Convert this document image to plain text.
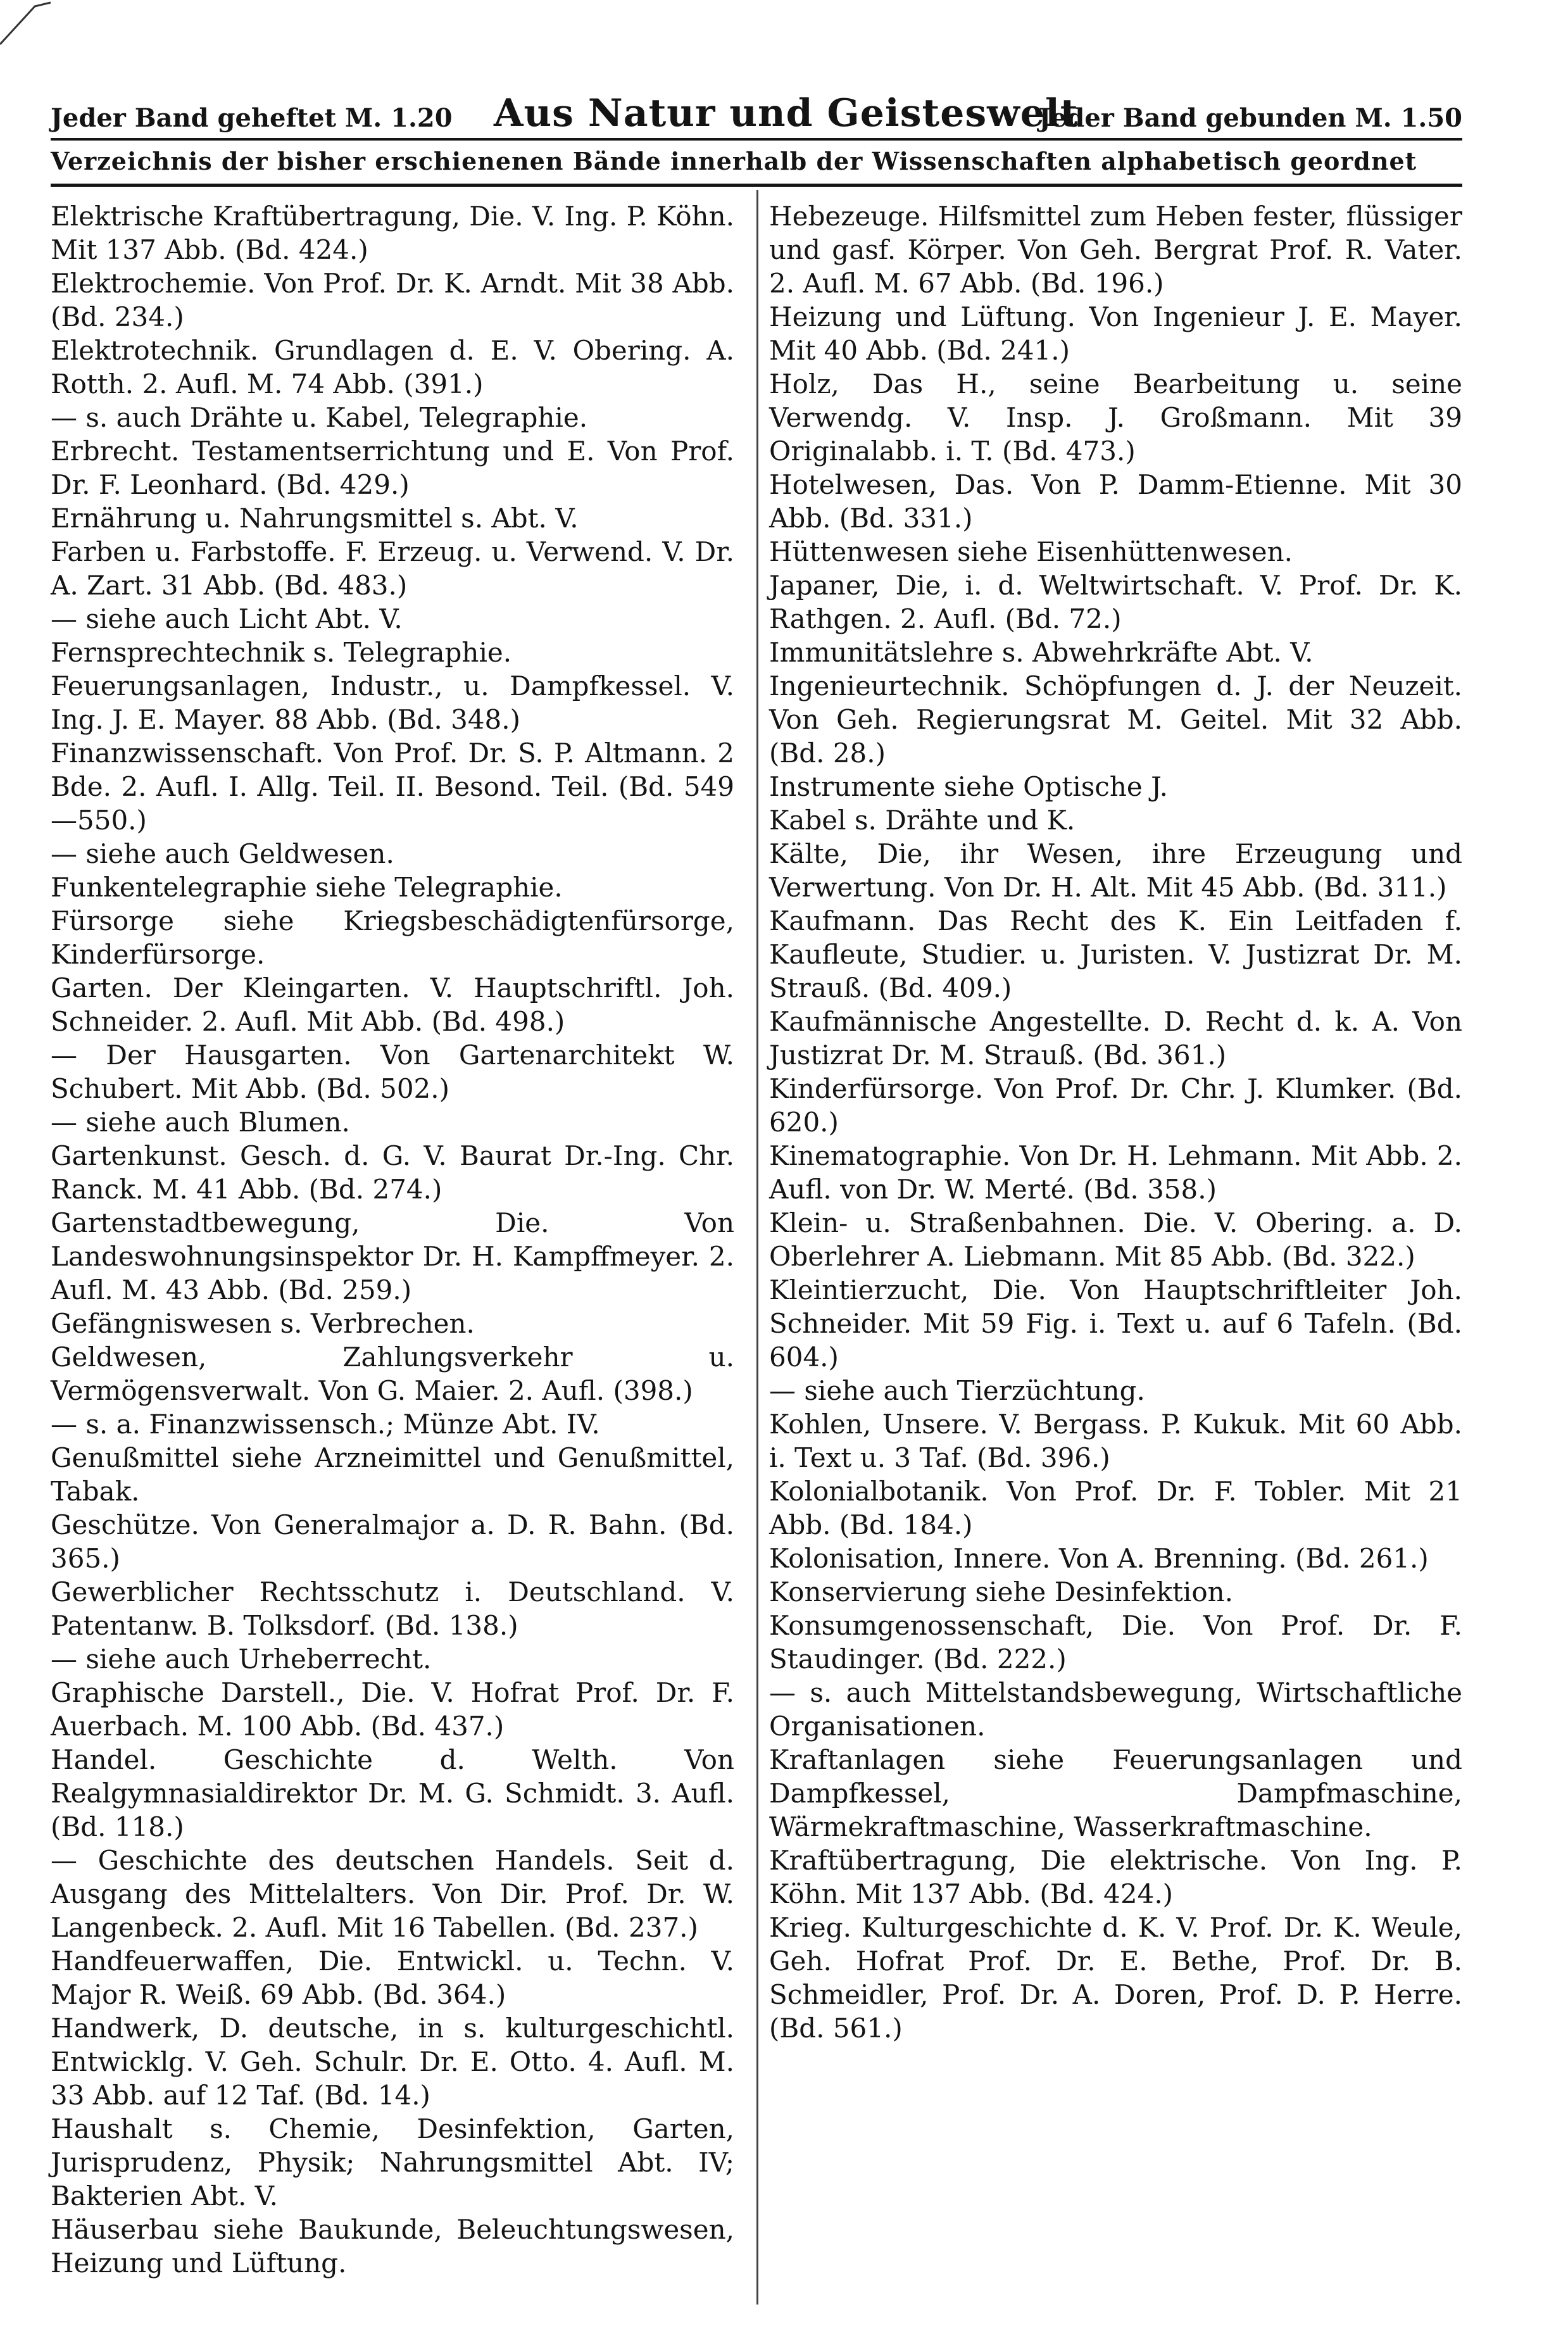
Jeder Band geheftet M. 1.20 Aus Natur und Geisteswelt
Jeder Band gebunden M. 1.50
Verzeichnis der bisher erschienenen Bände innerhalb der Wissenschaften alphabetisch geordnet

Elektrische Kraftübertragung, Die. V. Ing. P. Köhn. Mit 137 Abb. (Bd. 424.)

Elektrochemie. Von Prof. Dr. K. Arndt. Mit 38 Abb. (Bd. 234.)

Elektrotechnik. Grundlagen d. E. V. Obering. A. Rotth. 2. Aufl. M. 74 Abb. (391.)

— s. auch Drähte u. Kabel, Telegraphie.

Erbrecht. Testamentserrichtung und E. Von Prof. Dr. F. Leonhard. (Bd. 429.)

Ernährung u. Nahrungsmittel s. Abt. V.

Farben u. Farbstoffe. F. Erzeug. u. Verwend. V. Dr. A. Zart. 31 Abb. (Bd. 483.)

— siehe auch Licht Abt. V.

Fernsprechtechnik s. Telegraphie.

Feuerungsanlagen, Industr., u. Dampfkessel. V. Ing. J. E. Mayer. 88 Abb. (Bd. 348.)

Finanzwissenschaft. Von Prof. Dr. S. P. Altmann. 2 Bde. 2. Aufl. I. Allg. Teil. II. Besond. Teil. (Bd. 549—550.)

— siehe auch Geldwesen.

Funkentelegraphie siehe Telegraphie.

Fürsorge siehe Kriegsbeschädigtenfürsorge, Kinderfürsorge.

Garten. Der Kleingarten. V. Hauptschriftl. Joh. Schneider. 2. Aufl. Mit Abb. (Bd. 498.)

— Der Hausgarten. Von Gartenarchitekt W. Schubert. Mit Abb. (Bd. 502.)

— siehe auch Blumen.

Gartenkunst. Gesch. d. G. V. Baurat Dr.-Ing. Chr. Ranck. M. 41 Abb. (Bd. 274.)

Gartenstadtbewegung, Die. Von Landeswohnungsinspektor Dr. H. Kampffmeyer. 2. Aufl. M. 43 Abb. (Bd. 259.)

Gefängniswesen s. Verbrechen.

Geldwesen, Zahlungsverkehr u. Vermögensverwalt. Von G. Maier. 2. Aufl. (398.)

— s. a. Finanzwissensch.; Münze Abt. IV.

Genußmittel siehe Arzneimittel und Genußmittel, Tabak.

Geschütze. Von Generalmajor a. D. R. Bahn. (Bd. 365.)

Gewerblicher Rechtsschutz i. Deutschland. V. Patentanw. B. Tolksdorf. (Bd. 138.)

— siehe auch Urheberrecht.

Graphische Darstell., Die. V. Hofrat Prof. Dr. F. Auerbach. M. 100 Abb. (Bd. 437.)

Handel. Geschichte d. Welth. Von Realgymnasialdirektor Dr. M. G. Schmidt. 3. Aufl. (Bd. 118.)

— Geschichte des deutschen Handels. Seit d. Ausgang des Mittelalters. Von Dir. Prof. Dr. W. Langenbeck. 2. Aufl. Mit 16 Tabellen. (Bd. 237.)

Handfeuerwaffen, Die. Entwickl. u. Techn. V. Major R. Weiß. 69 Abb. (Bd. 364.)

Handwerk, D. deutsche, in s. kulturgeschichtl. Entwicklg. V. Geh. Schulr. Dr. E. Otto. 4. Aufl. M. 33 Abb. auf 12 Taf. (Bd. 14.)

Haushalt s. Chemie, Desinfektion, Garten, Jurisprudenz, Physik; Nahrungsmittel Abt. IV; Bakterien Abt. V.

Häuserbau siehe Baukunde, Beleuchtungswesen, Heizung und Lüftung.

Hebezeuge. Hilfsmittel zum Heben fester, flüssiger und gasf. Körper. Von Geh. Bergrat Prof. R. Vater. 2. Aufl. M. 67 Abb. (Bd. 196.)

Heizung und Lüftung. Von Ingenieur J. E. Mayer. Mit 40 Abb. (Bd. 241.)

Holz, Das H., seine Bearbeitung u. seine Verwendg. V. Insp. J. Großmann. Mit 39 Originalabb. i. T. (Bd. 473.)

Hotelwesen, Das. Von P. Damm-Etienne. Mit 30 Abb. (Bd. 331.)

Hüttenwesen siehe Eisenhüttenwesen.

Japaner, Die, i. d. Weltwirtschaft. V. Prof. Dr. K. Rathgen. 2. Aufl. (Bd. 72.)

Immunitätslehre s. Abwehrkräfte Abt. V.

Ingenieurtechnik. Schöpfungen d. J. der Neuzeit. Von Geh. Regierungsrat M. Geitel. Mit 32 Abb. (Bd. 28.)

Instrumente siehe Optische J.

Kabel s. Drähte und K.

Kälte, Die, ihr Wesen, ihre Erzeugung und Verwertung. Von Dr. H. Alt. Mit 45 Abb. (Bd. 311.)

Kaufmann. Das Recht des K. Ein Leitfaden f. Kaufleute, Studier. u. Juristen. V. Justizrat Dr. M. Strauß. (Bd. 409.)

Kaufmännische Angestellte. D. Recht d. k. A. Von Justizrat Dr. M. Strauß. (Bd. 361.)

Kinderfürsorge. Von Prof. Dr. Chr. J. Klumker. (Bd. 620.)

Kinematographie. Von Dr. H. Lehmann. Mit Abb. 2. Aufl. von Dr. W. Merté. (Bd. 358.)

Klein- u. Straßenbahnen. Die. V. Obering. a. D. Oberlehrer A. Liebmann. Mit 85 Abb. (Bd. 322.)

Kleintierzucht, Die. Von Hauptschriftleiter Joh. Schneider. Mit 59 Fig. i. Text u. auf 6 Tafeln. (Bd. 604.)

— siehe auch Tierzüchtung.

Kohlen, Unsere. V. Bergass. P. Kukuk. Mit 60 Abb. i. Text u. 3 Taf. (Bd. 396.)

Kolonialbotanik. Von Prof. Dr. F. Tobler. Mit 21 Abb. (Bd. 184.)

Kolonisation, Innere. Von A. Brenning. (Bd. 261.)

Konservierung siehe Desinfektion.

Konsumgenossenschaft, Die. Von Prof. Dr. F. Staudinger. (Bd. 222.)

— s. auch Mittelstandsbewegung, Wirtschaftliche Organisationen.

Kraftanlagen siehe Feuerungsanlagen und Dampfkessel, Dampfmaschine, Wärmekraftmaschine, Wasserkraftmaschine.

Kraftübertragung, Die elektrische. Von Ing. P. Köhn. Mit 137 Abb. (Bd. 424.)

Krieg. Kulturgeschichte d. K. V. Prof. Dr. K. Weule, Geh. Hofrat Prof. Dr. E. Bethe, Prof. Dr. B. Schmeidler, Prof. Dr. A. Doren, Prof. D. P. Herre. (Bd. 561.)
